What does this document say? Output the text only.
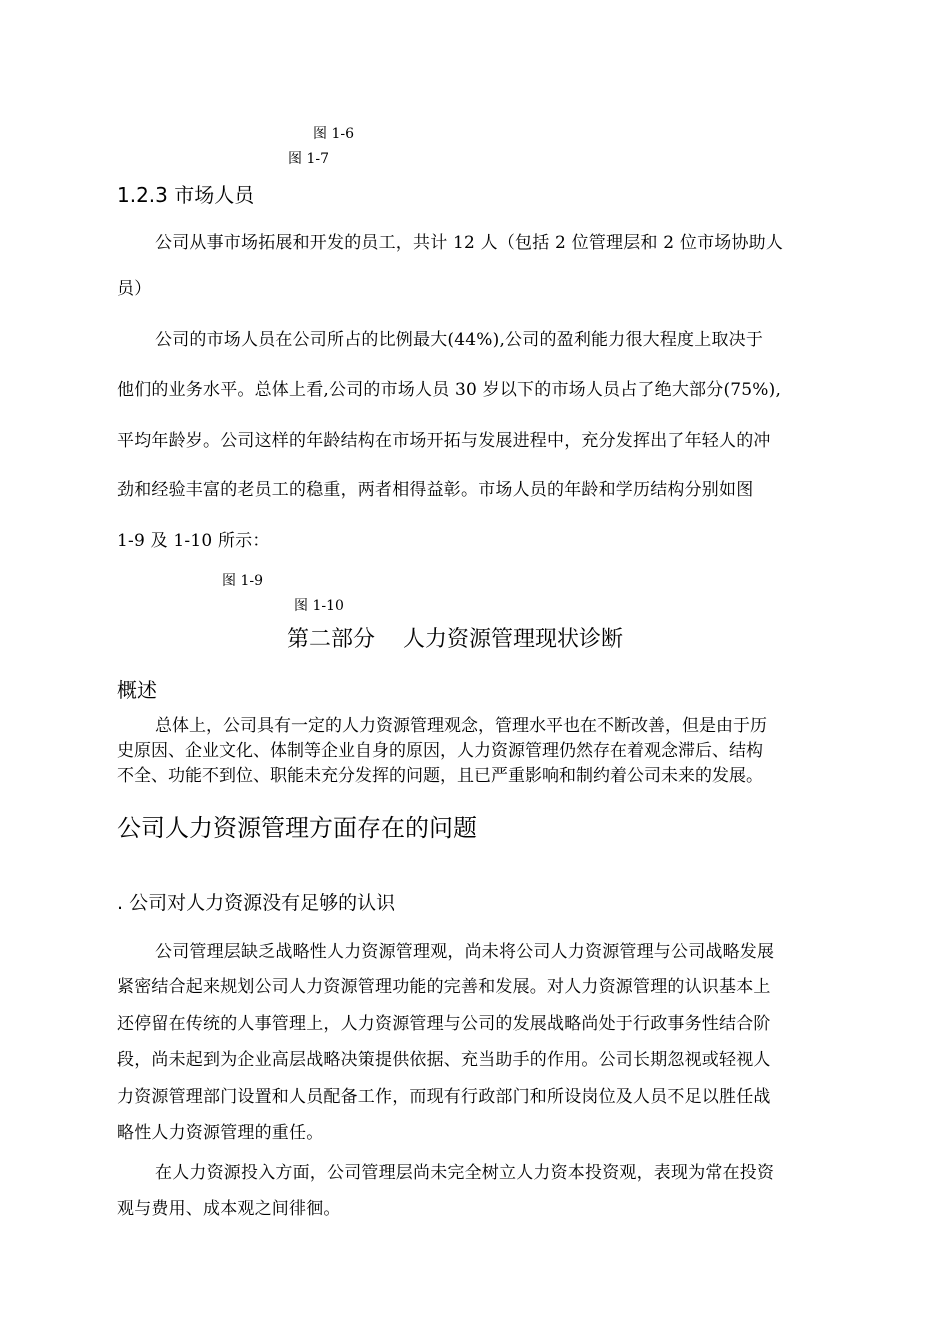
图 1-6
图 1-7
1.2.3 市场人员
公司从事市场拓展和开发的员工，共计 12 人（包括 2 位管理层和 2 位市场协助人
员）
公司的市场人员在公司所占的比例最大(44%),公司的盈利能力很大程度上取决于
他们的业务水平。总体上看,公司的市场人员 30 岁以下的市场人员占了绝大部分(75%),
平均年龄岁。公司这样的年龄结构在市场开拓与发展进程中，充分发挥出了年轻人的冲
劲和经验丰富的老员工的稳重，两者相得益彰。市场人员的年龄和学历结构分别如图
1-9 及 1-10 所示：
图 1-9
图 1-10
第二部分    人力资源管理现状诊断
概述
总体上，公司具有一定的人力资源管理观念，管理水平也在不断改善，但是由于历
史原因、企业文化、体制等企业自身的原因，人力资源管理仍然存在着观念滞后、结构
不全、功能不到位、职能未充分发挥的问题，且已严重影响和制约着公司未来的发展。
公司人力资源管理方面存在的问题
. 公司对人力资源没有足够的认识
公司管理层缺乏战略性人力资源管理观，尚未将公司人力资源管理与公司战略发展
紧密结合起来规划公司人力资源管理功能的完善和发展。对人力资源管理的认识基本上
还停留在传统的人事管理上，人力资源管理与公司的发展战略尚处于行政事务性结合阶
段，尚未起到为企业高层战略决策提供依据、充当助手的作用。公司长期忽视或轻视人
力资源管理部门设置和人员配备工作，而现有行政部门和所设岗位及人员不足以胜任战
略性人力资源管理的重任。
在人力资源投入方面，公司管理层尚未完全树立人力资本投资观，表现为常在投资
观与费用、成本观之间徘徊。
